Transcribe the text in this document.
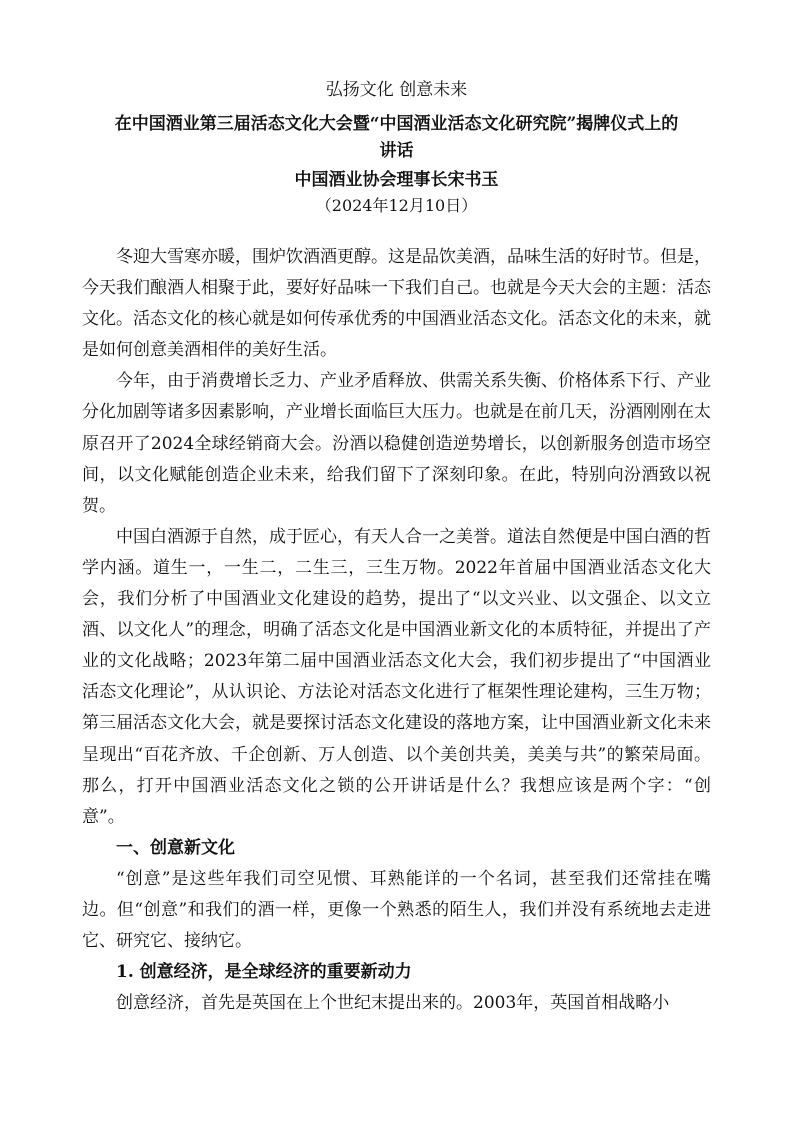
弘扬文化 创意未来

在中国酒业第三届活态文化大会暨“中国酒业活态文化研究院”揭牌仪式上的

讲话

中国酒业协会理事长宋书玉

（2024年12月10日）

冬迎大雪寒亦暖，围炉饮酒酒更醇。这是品饮美酒，品味生活的好时节。但是，今天我们酿酒人相聚于此，要好好品味一下我们自己。也就是今天大会的主题：活态文化。活态文化的核心就是如何传承优秀的中国酒业活态文化。活态文化的未来，就是如何创意美酒相伴的美好生活。

今年，由于消费增长乏力、产业矛盾释放、供需关系失衡、价格体系下行、产业分化加剧等诸多因素影响，产业增长面临巨大压力。也就是在前几天，汾酒刚刚在太原召开了2024全球经销商大会。汾酒以稳健创造逆势增长，以创新服务创造市场空间，以文化赋能创造企业未来，给我们留下了深刻印象。在此，特别向汾酒致以祝贺。

中国白酒源于自然，成于匠心，有天人合一之美誉。道法自然便是中国白酒的哲学内涵。道生一，一生二，二生三，三生万物。2022年首届中国酒业活态文化大会，我们分析了中国酒业文化建设的趋势，提出了“以文兴业、以文强企、以文立酒、以文化人”的理念，明确了活态文化是中国酒业新文化的本质特征，并提出了产业的文化战略；2023年第二届中国酒业活态文化大会，我们初步提出了“中国酒业活态文化理论”，从认识论、方法论对活态文化进行了框架性理论建构，三生万物；第三届活态文化大会，就是要探讨活态文化建设的落地方案，让中国酒业新文化未来呈现出“百花齐放、千企创新、万人创造、以个美创共美，美美与共”的繁荣局面。那么，打开中国酒业活态文化之锁的公开讲话是什么？我想应该是两个字：“创意”。

一、创意新文化

“创意”是这些年我们司空见惯、耳熟能详的一个名词，甚至我们还常挂在嘴边。但“创意”和我们的酒一样，更像一个熟悉的陌生人，我们并没有系统地去走进它、研究它、接纳它。

1. 创意经济，是全球经济的重要新动力

创意经济，首先是英国在上个世纪末提出来的。2003年，英国首相战略小
